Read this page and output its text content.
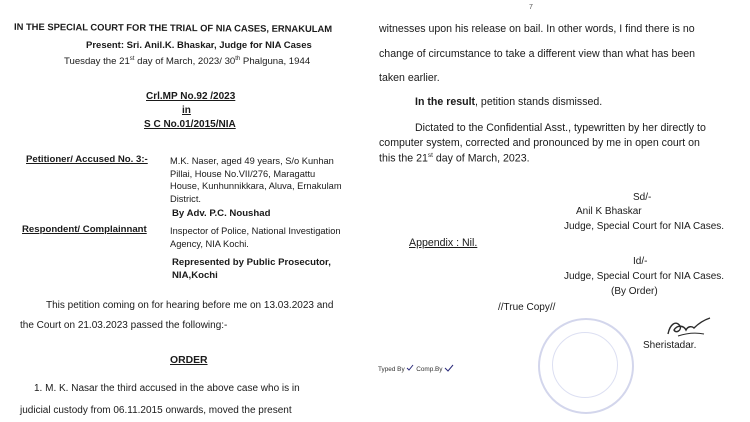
IN THE SPECIAL COURT FOR THE TRIAL OF NIA CASES, ERNAKULAM
Present: Sri. Anil.K. Bhaskar, Judge for NIA Cases
Tuesday the 21st day of March, 2023/ 30th Phalguna, 1944
Crl.MP No.92 /2023
in
S C No.01/2015/NIA
Petitioner/ Accused No. 3:- M.K. Naser, aged 49 years, S/o Kunhan
Pillai, House No.VII/276, Maragattu
House, Kunhunnikkara, Aluva, Ernakulam
District.
By Adv. P.C. Noushad
Respondent/ Complainnant	Inspector of Police, National Investigation
Agency, NIA Kochi.
Represented by Public Prosecutor,
NIA,Kochi
This petition coming on for hearing before me on 13.03.2023 and
the Court on 21.03.2023 passed the following:-
ORDER
1. M. K. Nasar the third accused in the above case who is in
judicial custody from 06.11.2015 onwards, moved the present
7
witnesses upon his release on bail. In other words, I find there is no
change of circumstance to take a different view than what has been
taken earlier.
In the result, petition stands dismissed.
Dictated to the Confidential Asst., typewritten by her directly to
computer system, corrected and pronounced by me in open court on
this the 21st day of March, 2023.
Sd/-
Anil K Bhaskar
Judge, Special Court for NIA Cases.
Appendix : Nil.
Id/-
Judge, Special Court for NIA Cases.
(By Order)
//True Copy//
Sheristadar.
Typed By Comp.By
